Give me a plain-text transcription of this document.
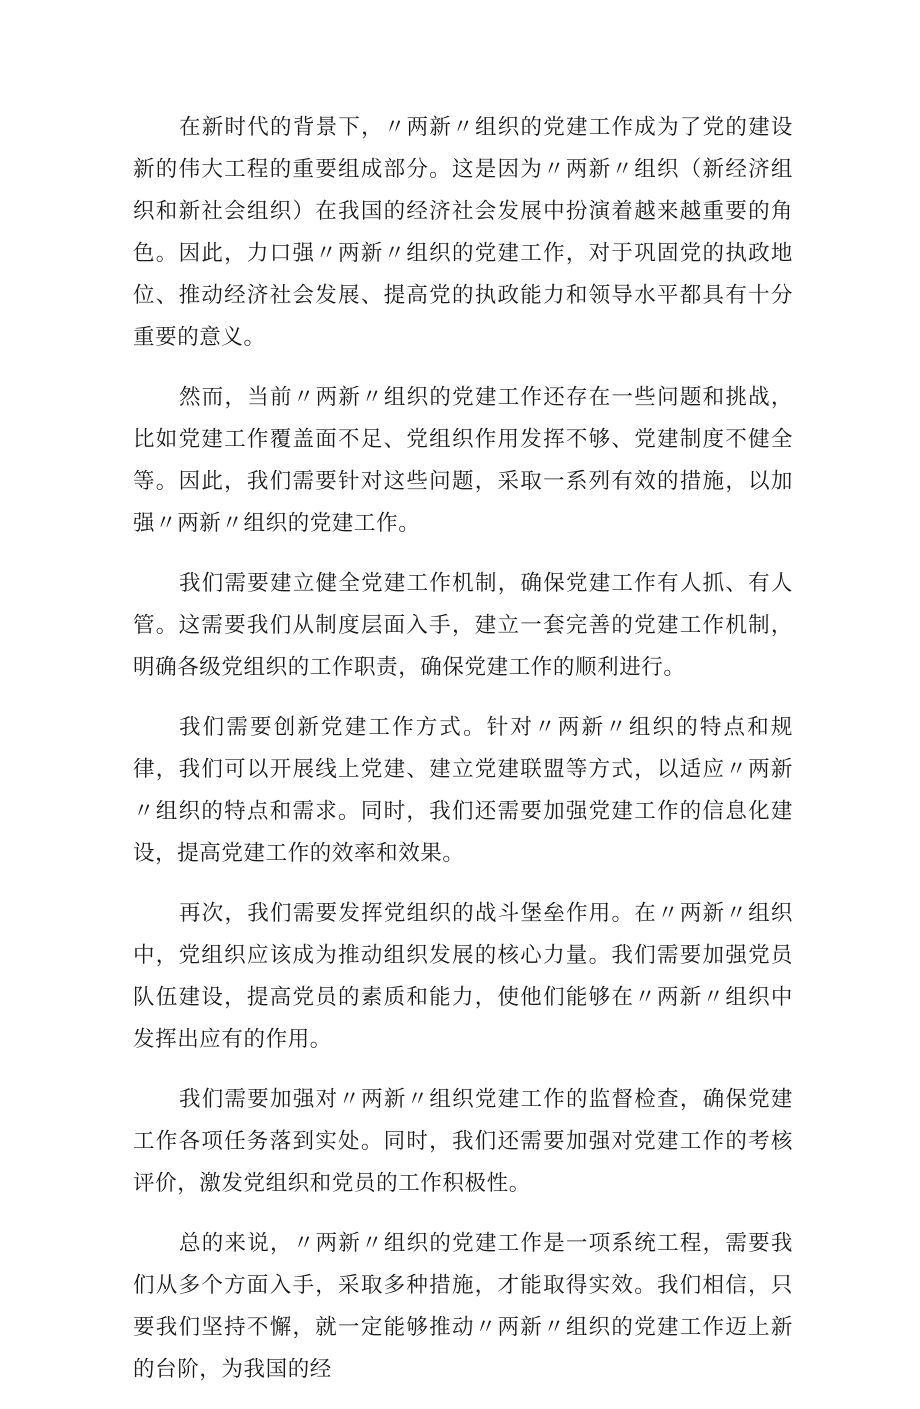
在新时代的背景下，〃两新〃组织的党建工作成为了党的建设新的伟大工程的重要组成部分。这是因为〃两新〃组织（新经济组织和新社会组织）在我国的经济社会发展中扮演着越来越重要的角色。因此，力口强〃两新〃组织的党建工作，对于巩固党的执政地位、推动经济社会发展、提高党的执政能力和领导水平都具有十分重要的意义。

然而，当前〃两新〃组织的党建工作还存在一些问题和挑战，比如党建工作覆盖面不足、党组织作用发挥不够、党建制度不健全等。因此，我们需要针对这些问题，采取一系列有效的措施，以加强〃两新〃组织的党建工作。

我们需要建立健全党建工作机制，确保党建工作有人抓、有人管。这需要我们从制度层面入手，建立一套完善的党建工作机制，明确各级党组织的工作职责，确保党建工作的顺利进行。

我们需要创新党建工作方式。针对〃两新〃组织的特点和规律，我们可以开展线上党建、建立党建联盟等方式，以适应〃两新〃组织的特点和需求。同时，我们还需要加强党建工作的信息化建设，提高党建工作的效率和效果。

再次，我们需要发挥党组织的战斗堡垒作用。在〃两新〃组织中，党组织应该成为推动组织发展的核心力量。我们需要加强党员队伍建设，提高党员的素质和能力，使他们能够在〃两新〃组织中发挥出应有的作用。

我们需要加强对〃两新〃组织党建工作的监督检查，确保党建工作各项任务落到实处。同时，我们还需要加强对党建工作的考核评价，激发党组织和党员的工作积极性。

总的来说，〃两新〃组织的党建工作是一项系统工程，需要我们从多个方面入手，采取多种措施，才能取得实效。我们相信，只要我们坚持不懈，就一定能够推动〃两新〃组织的党建工作迈上新的台阶，为我国的经
